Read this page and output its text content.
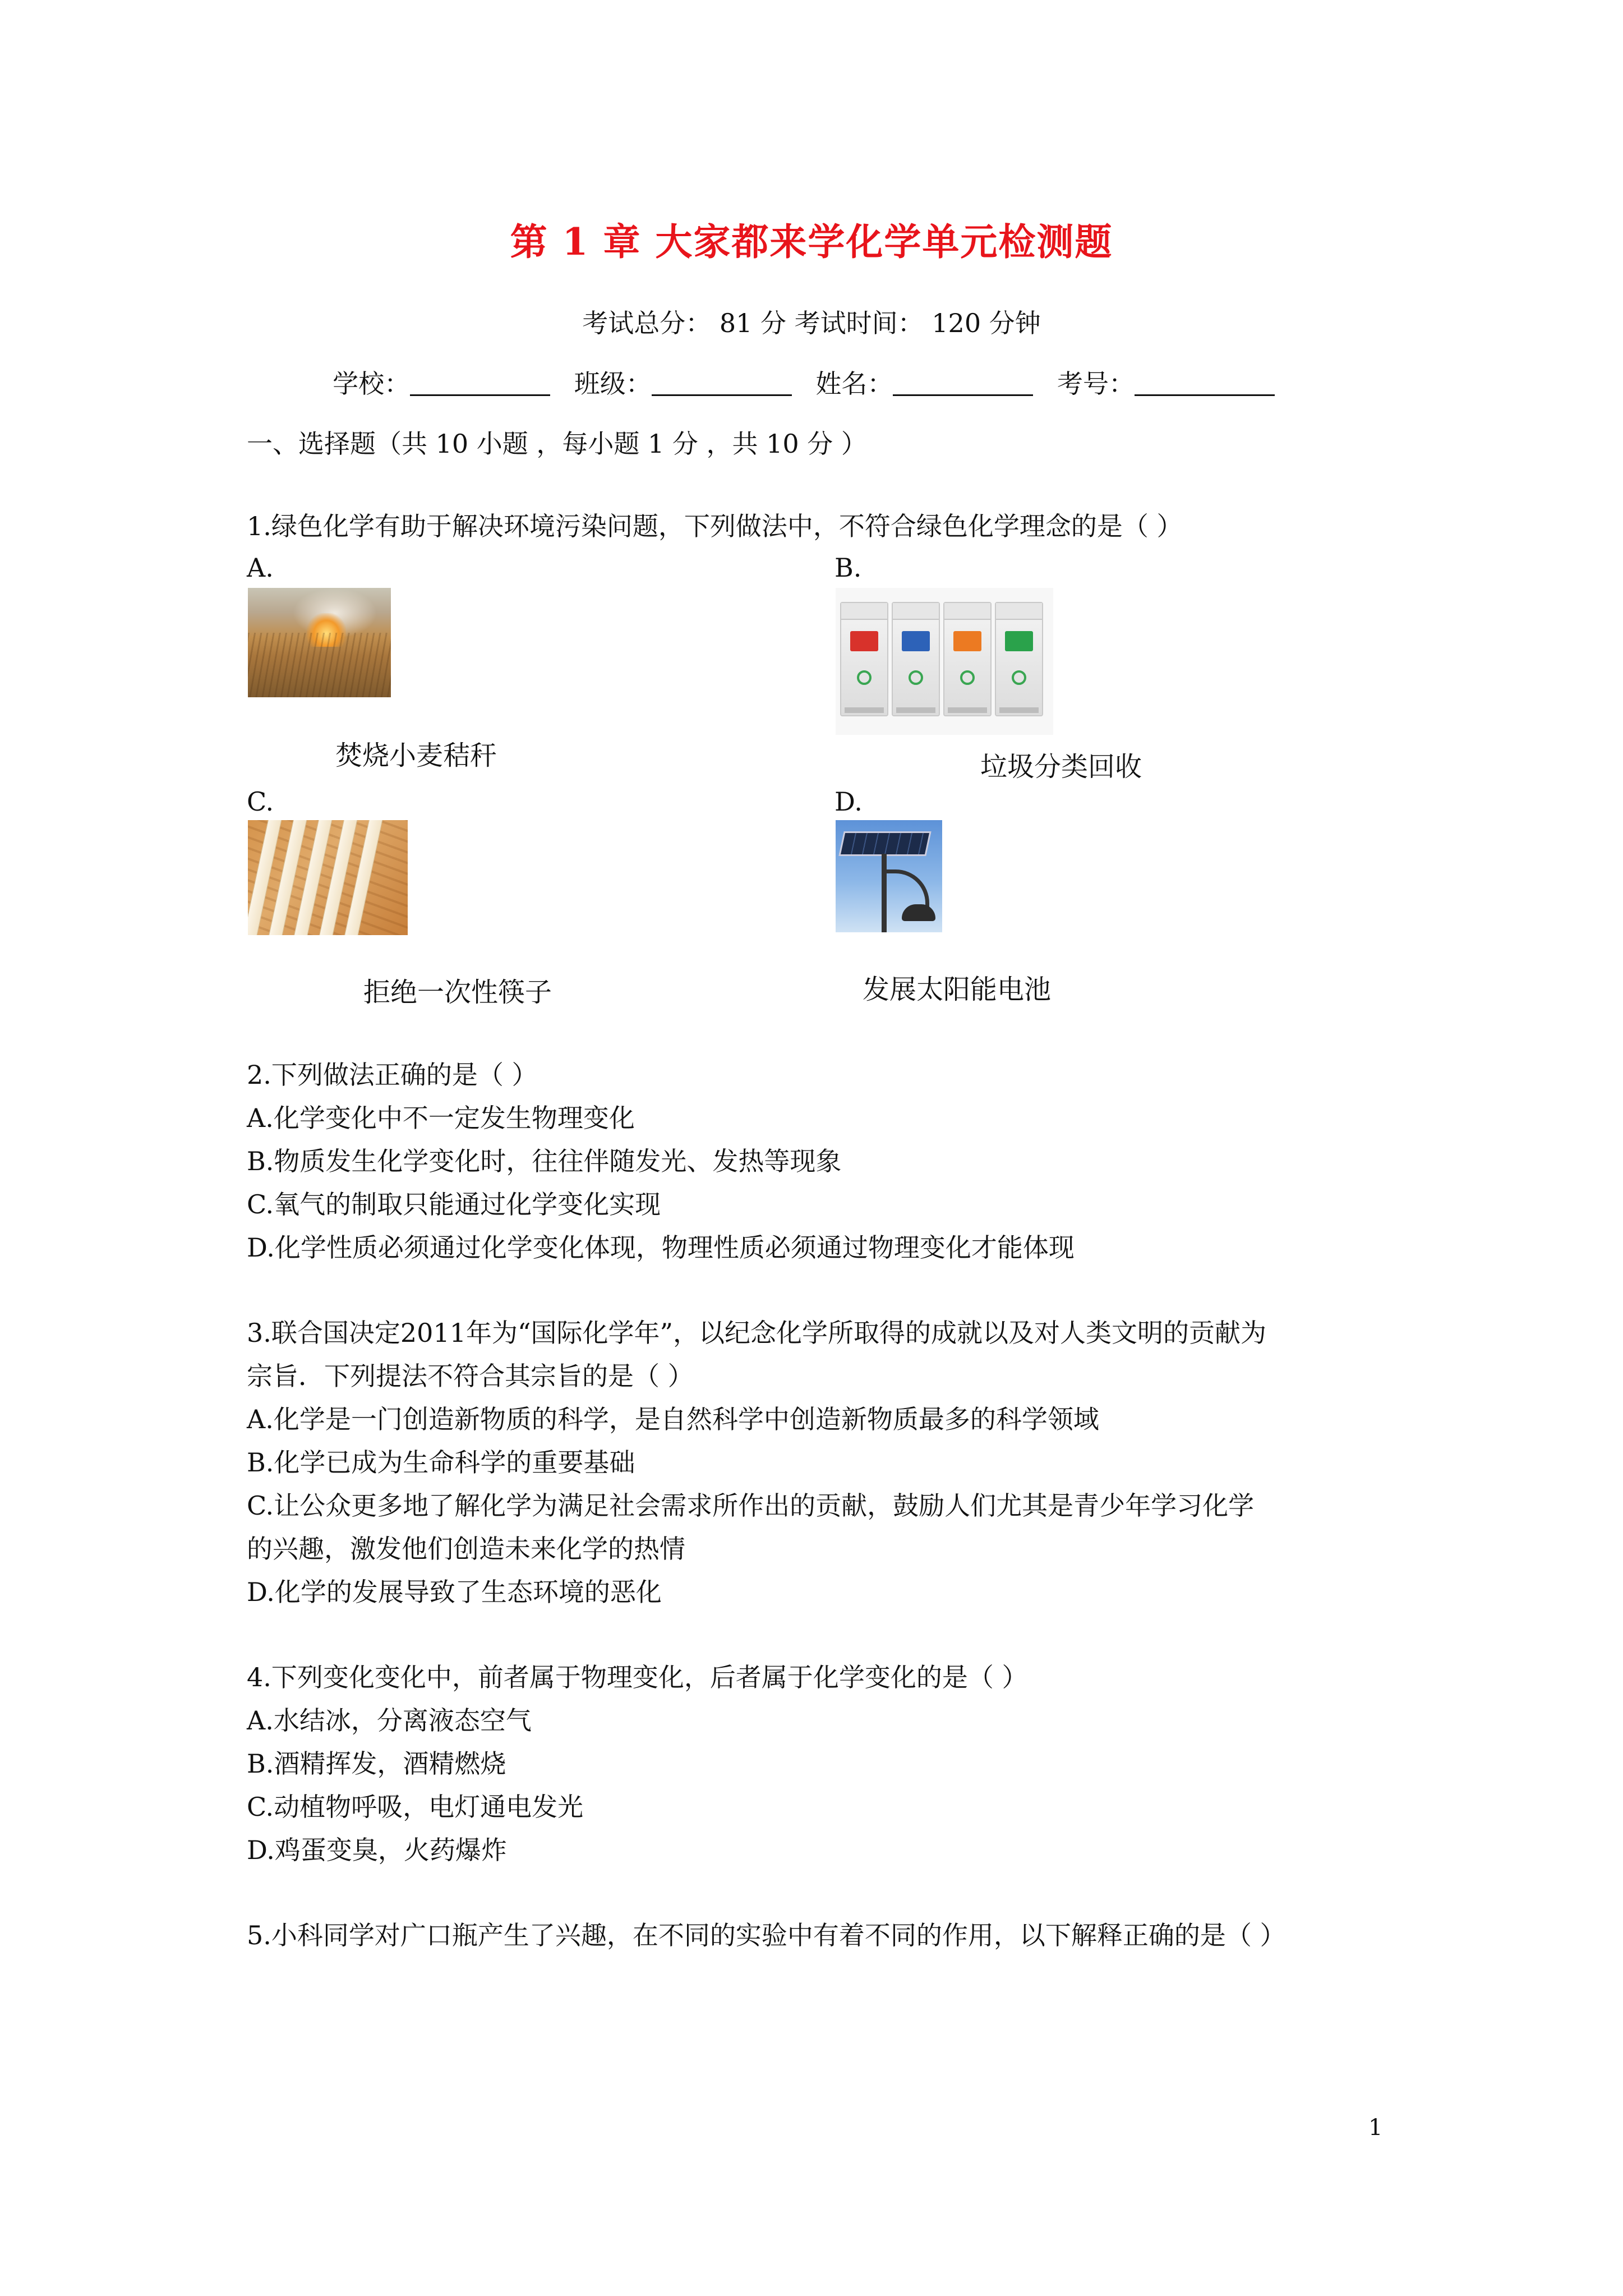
第 1 章 大家都来学化学单元检测题
考试总分： 81 分 考试时间： 120 分钟
学校：	班级：	姓名：	考号：
一、选择题（共 10 小题 ，每小题 1 分 ，共 10 分 ）
1.绿色化学有助于解决环境污染问题，下列做法中，不符合绿色化学理念的是（ ）
A.	B.
焚烧小麦秸秆	垃圾分类回收
C.	D.
拒绝一次性筷子	发展太阳能电池
2.下列做法正确的是（ ）
A.化学变化中不一定发生物理变化
B.物质发生化学变化时，往往伴随发光、发热等现象
C.氧气的制取只能通过化学变化实现
D.化学性质必须通过化学变化体现，物理性质必须通过物理变化才能体现
3.联合国决定2011年为“国际化学年”，以纪念化学所取得的成就以及对人类文明的贡献为
宗旨．下列提法不符合其宗旨的是（ ）
A.化学是一门创造新物质的科学，是自然科学中创造新物质最多的科学领域
B.化学已成为生命科学的重要基础
C.让公众更多地了解化学为满足社会需求所作出的贡献，鼓励人们尤其是青少年学习化学
的兴趣，激发他们创造未来化学的热情
D.化学的发展导致了生态环境的恶化
4.下列变化变化中，前者属于物理变化，后者属于化学变化的是（ ）
A.水结冰，分离液态空气
B.酒精挥发，酒精燃烧
C.动植物呼吸，电灯通电发光
D.鸡蛋变臭，火药爆炸
5.小科同学对广口瓶产生了兴趣，在不同的实验中有着不同的作用，以下解释正确的是（ ）
1
